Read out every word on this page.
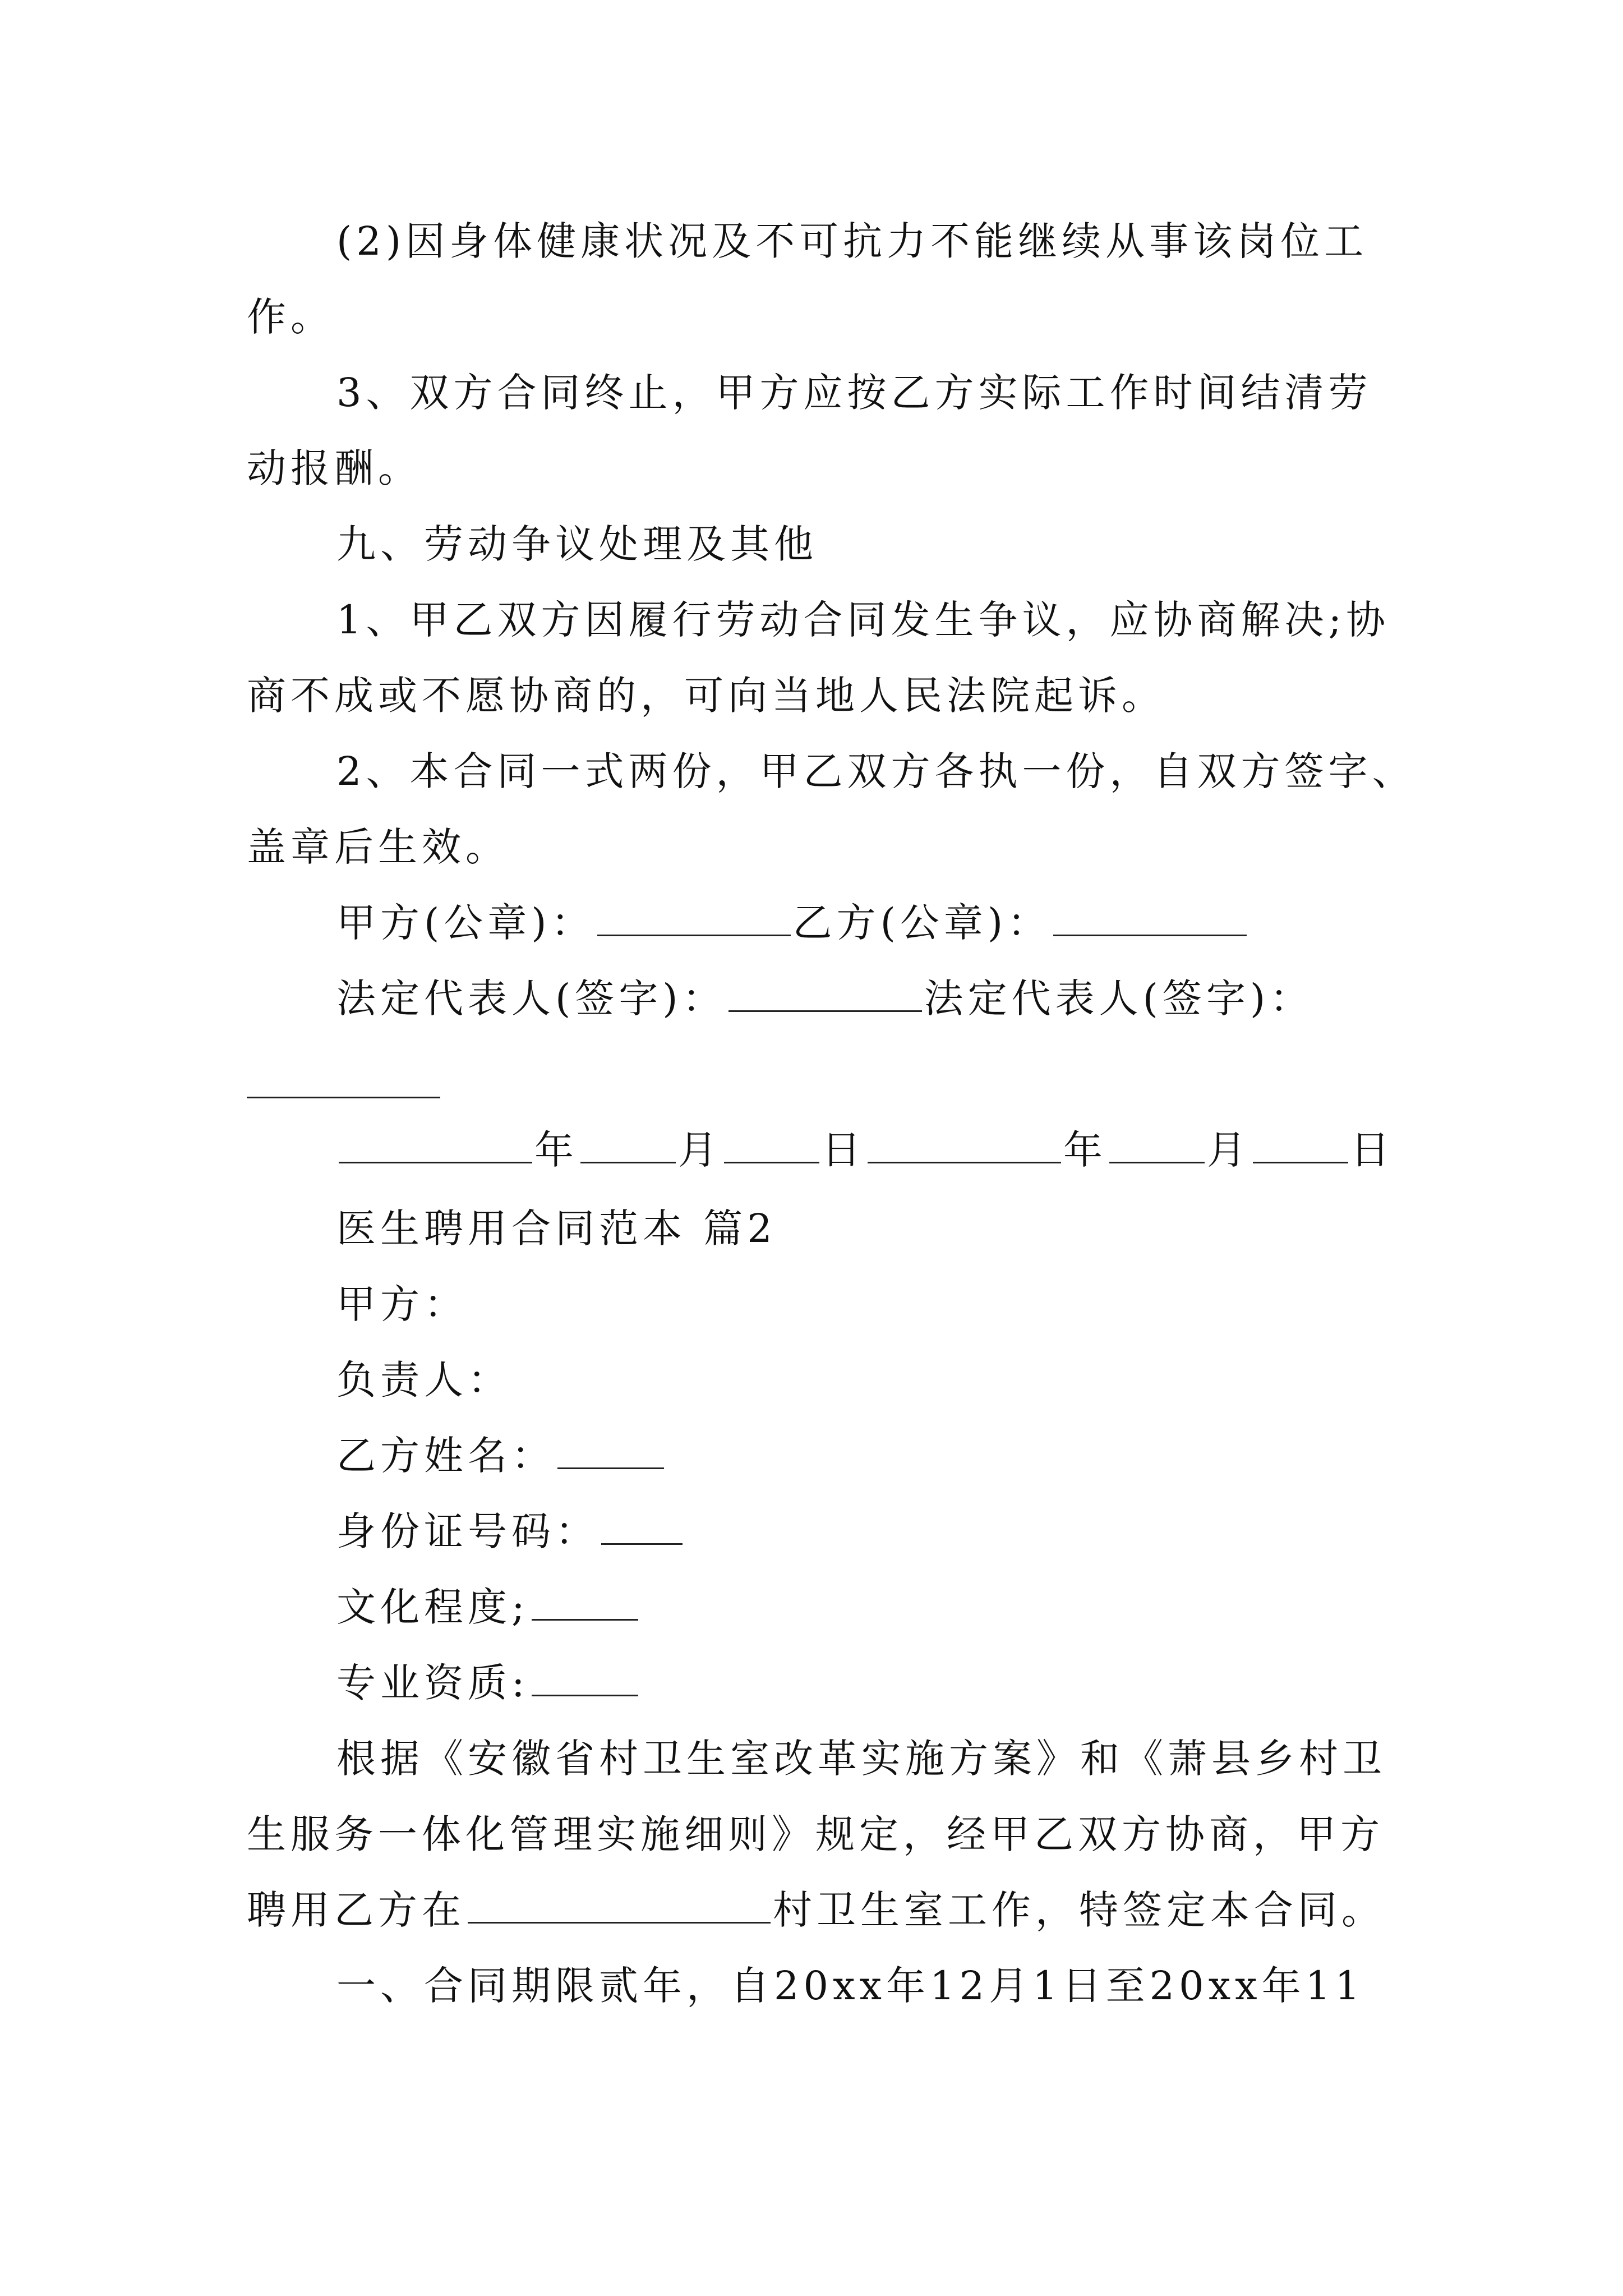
(2)因身体健康状况及不可抗力不能继续从事该岗位工
作。
3、双方合同终止，甲方应按乙方实际工作时间结清劳
动报酬。
九、劳动争议处理及其他
1、甲乙双方因履行劳动合同发生争议，应协商解决;协
商不成或不愿协商的，可向当地人民法院起诉。
2、本合同一式两份，甲乙双方各执一份，自双方签字、
盖章后生效。
甲方(公章)：	乙方(公章)：
法定代表人(签字)：	法定代表人(签字)：
年	月	日	年	月	日
医生聘用合同范本 篇2
甲方：
负责人：
乙方姓名：
身份证号码：
文化程度;
专业资质:
根据《安徽省村卫生室改革实施方案》和《萧县乡村卫
生服务一体化管理实施细则》规定，经甲乙双方协商，甲方
聘用乙方在	村卫生室工作，特签定本合同。
一、合同期限贰年，自20xx年12月1日至20xx年11
